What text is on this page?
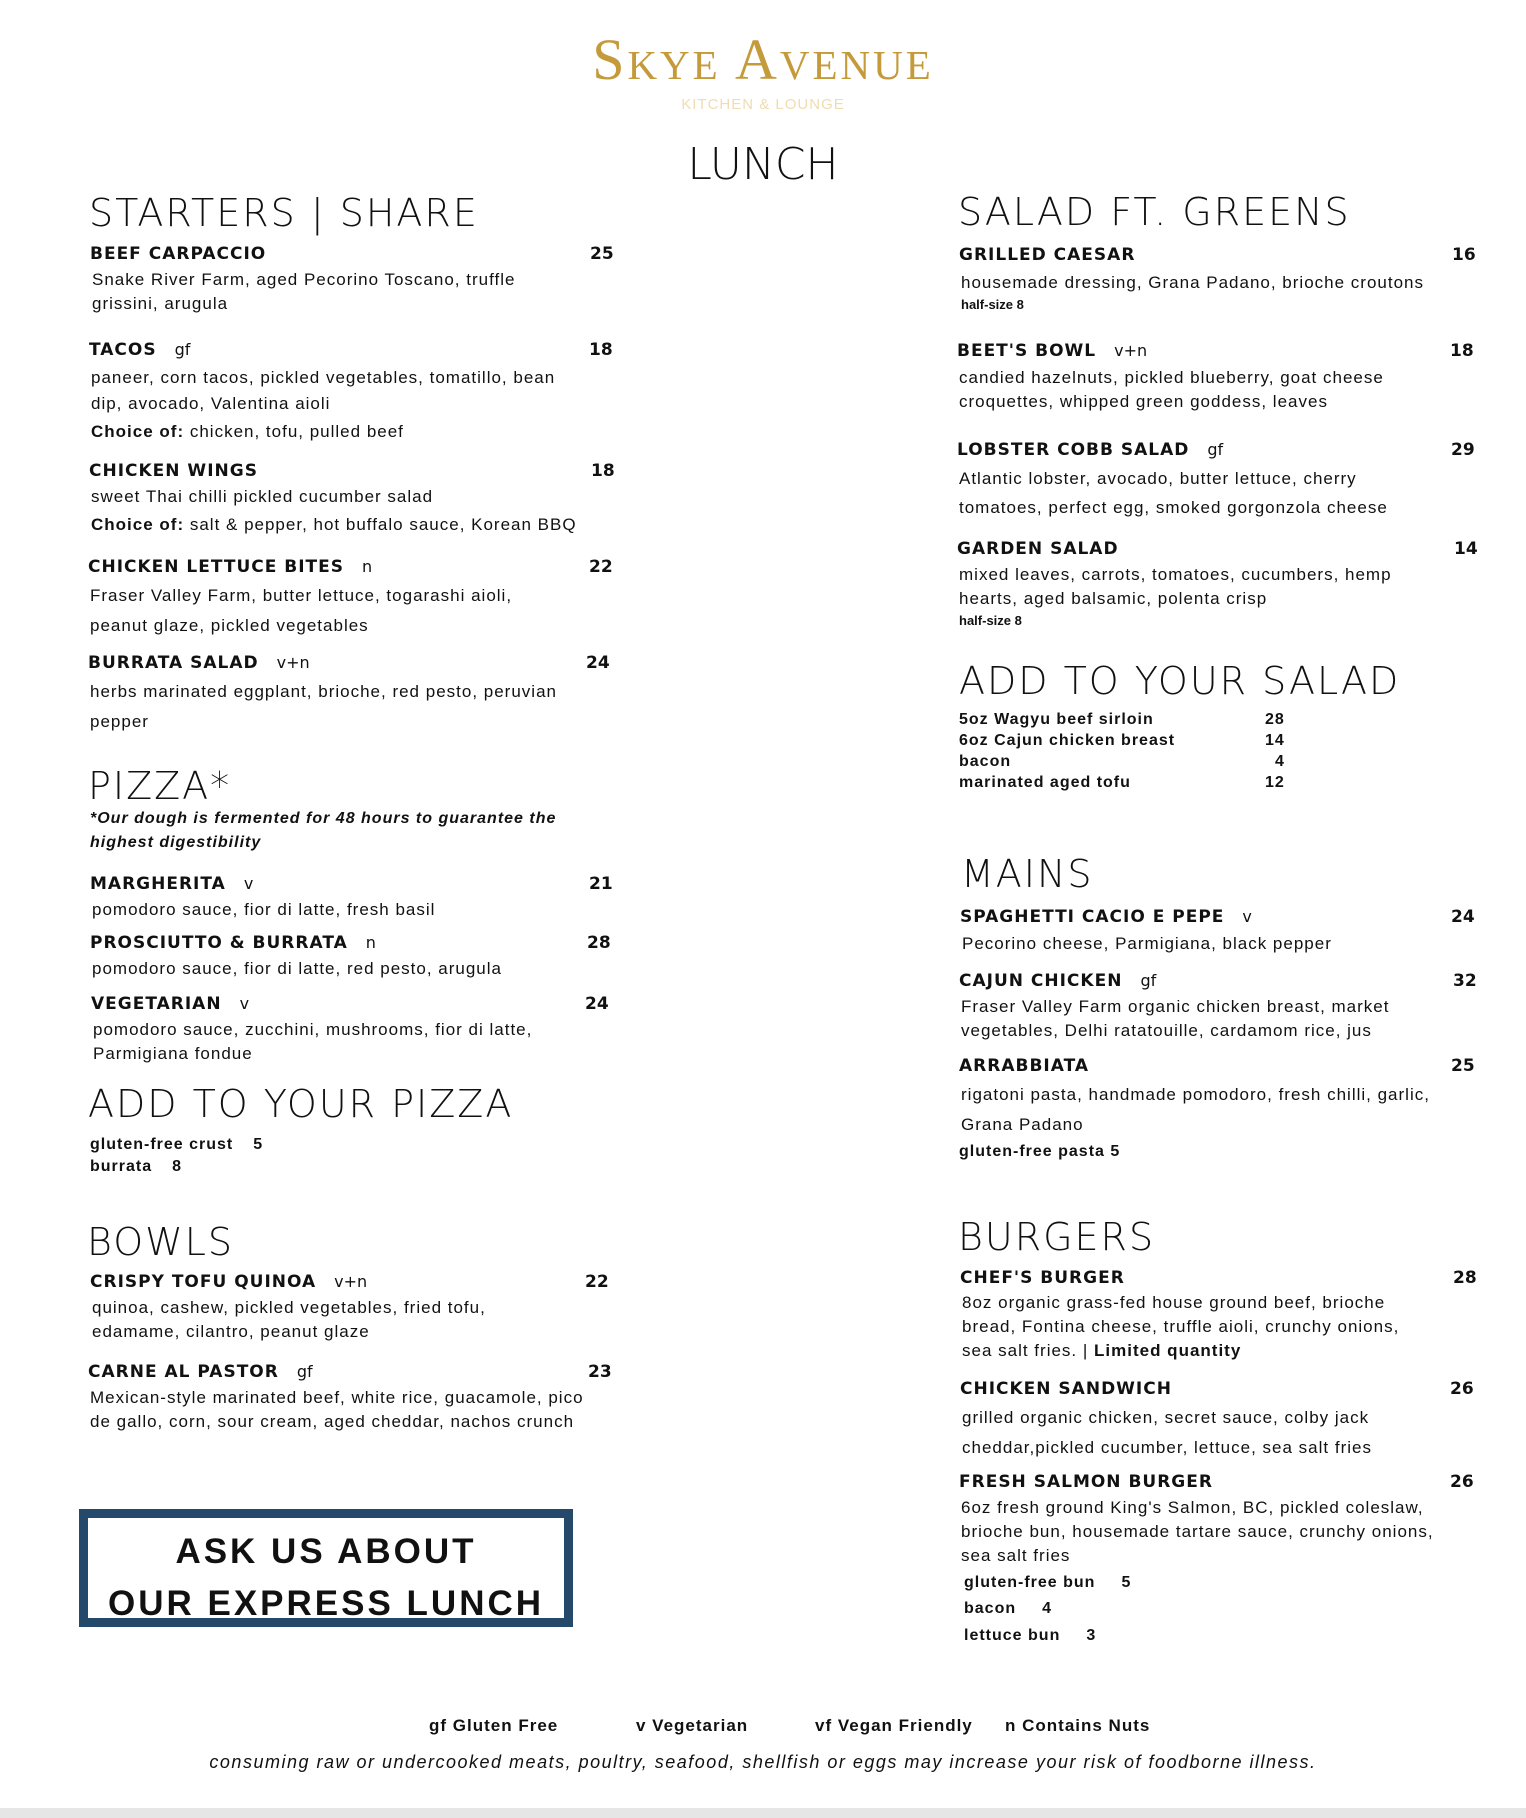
Skye Avenue
KITCHEN & LOUNGE
LUNCH
STARTERS | SHARE
BEEF CARPACCIO	25
Snake River Farm, aged Pecorino Toscano, truffle grissini, arugula
TACOS gf	18
paneer, corn tacos, pickled vegetables, tomatillo, bean dip, avocado, Valentina aioli
Choice of: chicken, tofu, pulled beef
CHICKEN WINGS	18
sweet Thai chilli pickled cucumber salad
Choice of: salt & pepper, hot buffalo sauce, Korean BBQ
CHICKEN LETTUCE BITES n	22
Fraser Valley Farm, butter lettuce, togarashi aioli, peanut glaze, pickled vegetables
BURRATA SALAD v+n	24
herbs marinated eggplant, brioche, red pesto, peruvian pepper
PIZZA*
*Our dough is fermented for 48 hours to guarantee the highest digestibility
MARGHERITA v	21
pomodoro sauce, fior di latte, fresh basil
PROSCIUTTO & BURRATA n	28
pomodoro sauce, fior di latte, red pesto, arugula
VEGETARIAN v	24
pomodoro sauce, zucchini, mushrooms, fior di latte, Parmigiana fondue
ADD TO YOUR PIZZA
gluten-free crust 5
burrata 8
BOWLS
CRISPY TOFU QUINOA v+n	22
quinoa, cashew, pickled vegetables, fried tofu, edamame, cilantro, peanut glaze
CARNE AL PASTOR gf	23
Mexican-style marinated beef, white rice, guacamole, pico de gallo, corn, sour cream, aged cheddar, nachos crunch
ASK US ABOUT
OUR EXPRESS LUNCH
SALAD FT. GREENS
GRILLED CAESAR	16
housemade dressing, Grana Padano, brioche croutons
half-size 8
BEET'S BOWL v+n	18
candied hazelnuts, pickled blueberry, goat cheese croquettes, whipped green goddess, leaves
LOBSTER COBB SALAD gf	29
Atlantic lobster, avocado, butter lettuce, cherry tomatoes, perfect egg, smoked gorgonzola cheese
GARDEN SALAD	14
mixed leaves, carrots, tomatoes, cucumbers, hemp hearts, aged balsamic, polenta crisp
half-size 8
ADD TO YOUR SALAD
5oz Wagyu beef sirloin	28
6oz Cajun chicken breast	14
bacon	4
marinated aged tofu	12
MAINS
SPAGHETTI CACIO E PEPE v	24
Pecorino cheese, Parmigiana, black pepper
CAJUN CHICKEN gf	32
Fraser Valley Farm organic chicken breast, market vegetables, Delhi ratatouille, cardamom rice, jus
ARRABBIATA	25
rigatoni pasta, handmade pomodoro, fresh chilli, garlic, Grana Padano
gluten-free pasta 5
BURGERS
CHEF'S BURGER	28
8oz organic grass-fed house ground beef, brioche bread, Fontina cheese, truffle aioli, crunchy onions, sea salt fries. | Limited quantity
CHICKEN SANDWICH	26
grilled organic chicken, secret sauce, colby jack cheddar,pickled cucumber, lettuce, sea salt fries
FRESH SALMON BURGER	26
6oz fresh ground King's Salmon, BC, pickled coleslaw, brioche bun, housemade tartare sauce, crunchy onions, sea salt fries
gluten-free bun 5
bacon 4
lettuce bun 3
gf Gluten Free	v Vegetarian	vf Vegan Friendly n Contains Nuts
consuming raw or undercooked meats, poultry, seafood, shellfish or eggs may increase your risk of foodborne illness.
